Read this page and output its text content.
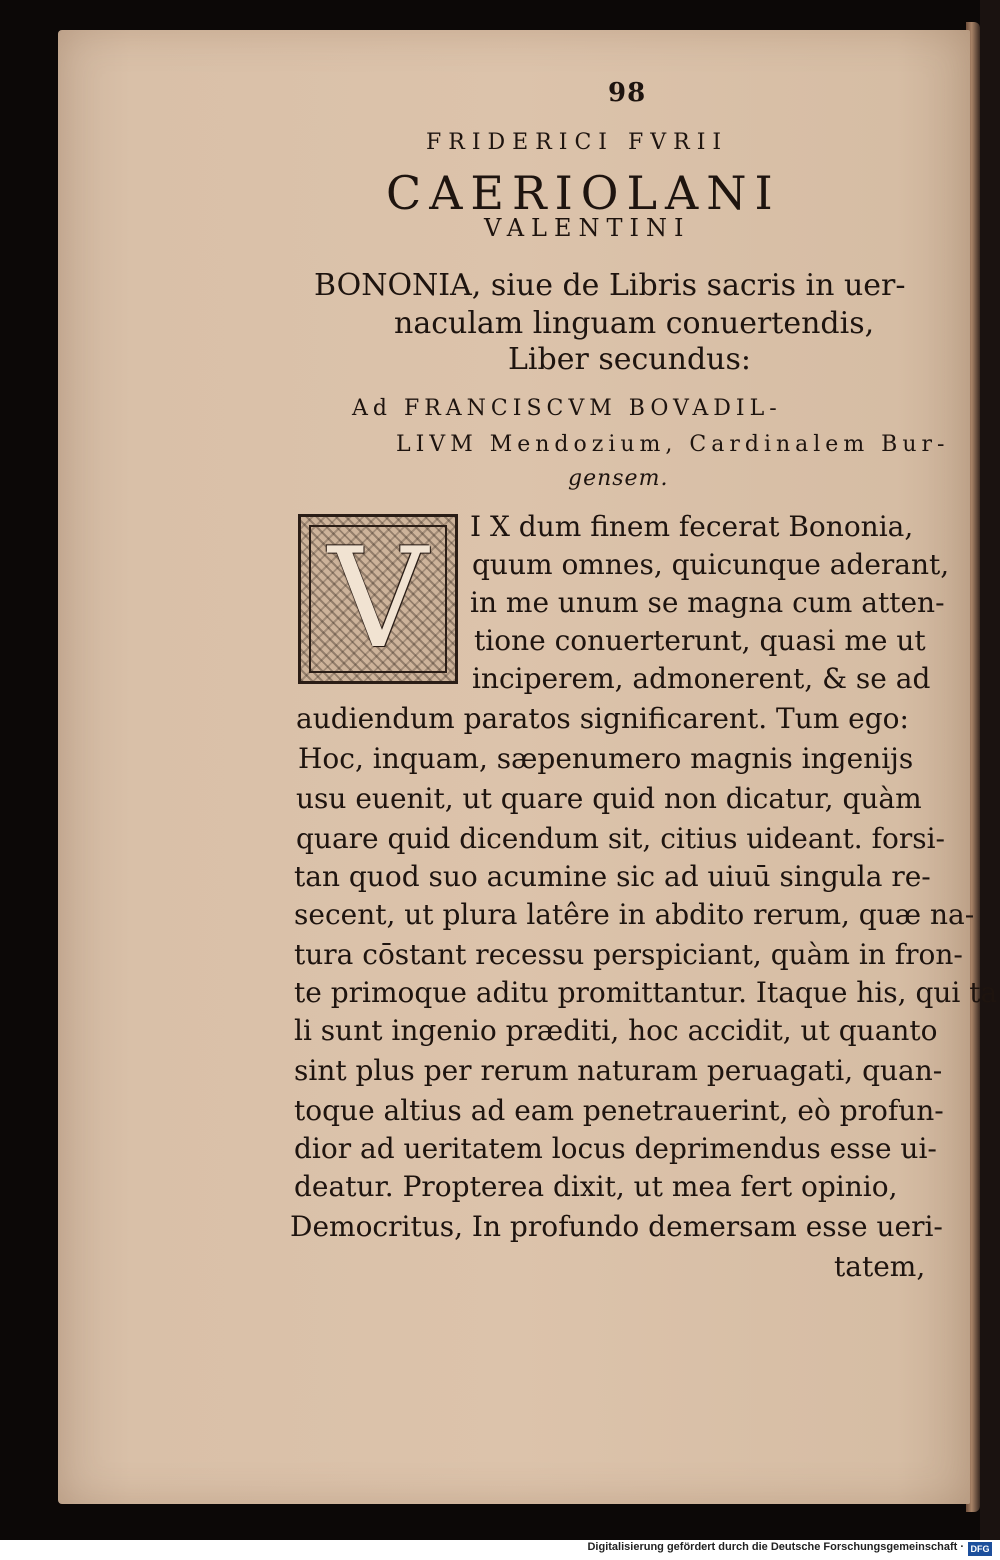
98
FRIDERICI FVRII
CAERIOLANI
VALENTINI
BONONIA, siue de Libris sacris in uer-
naculam linguam conuertendis,
Liber secundus:
Ad FRANCISCVM BOVADIL-
LIVM Mendozium, Cardinalem Bur-
gensem.
V I X dum finem fecerat Bononia,
quum omnes, quicunque aderant,
in me unum se magna cum atten-
tione conuerterunt, quasi me ut
inciperem, admonerent, & se ad
audiendum paratos significarent. Tum ego:
Hoc, inquam, sæpenumero magnis ingenijs
usu euenit, ut quare quid non dicatur, quàm
quare quid dicendum sit, citius uideant. forsi-
tan quod suo acumine sic ad uiuū singula re-
secent, ut plura latêre in abdito rerum, quæ na-
tura cōstant recessu perspiciant, quàm in fron-
te primoque aditu promittantur. Itaque his, qui ta
li sunt ingenio præditi, hoc accidit, ut quanto
sint plus per rerum naturam peruagati, quan-
toque altius ad eam penetrauerint, eò profun-
dior ad ueritatem locus deprimendus esse ui-
deatur. Propterea dixit, ut mea fert opinio,
Democritus, In profundo demersam esse ueri-
tatem,
Digitalisierung gefördert durch die Deutsche Forschungsgemeinschaft · DFG
